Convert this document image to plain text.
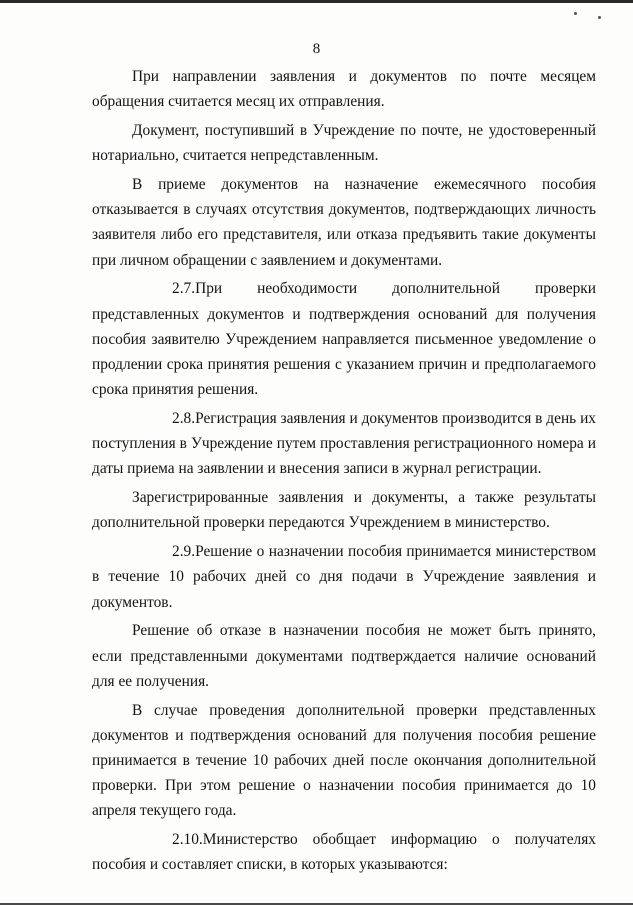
8

При направлении заявления и документов по почте месяцем обращения считается месяц их отправления.

Документ, поступивший в Учреждение по почте, не удостоверенный нотариально, считается непредставленным.

В приеме документов на назначение ежемесячного пособия отказывается в случаях отсутствия документов, подтверждающих личность заявителя либо его представителя, или отказа предъявить такие документы при личном обращении с заявлением и документами.

2.7.При необходимости дополнительной проверки представленных документов и подтверждения оснований для получения пособия заявителю Учреждением направляется письменное уведомление о продлении срока принятия решения с указанием причин и предполагаемого срока принятия решения.

2.8.Регистрация заявления и документов производится в день их поступления в Учреждение путем проставления регистрационного номера и даты приема на заявлении и внесения записи в журнал регистрации.

Зарегистрированные заявления и документы, а также результаты дополнительной проверки передаются Учреждением в министерство.

2.9.Решение о назначении пособия принимается министерством в течение 10 рабочих дней со дня подачи в Учреждение заявления и документов.

Решение об отказе в назначении пособия не может быть принято, если представленными документами подтверждается наличие оснований для ее получения.

В случае проведения дополнительной проверки представленных документов и подтверждения оснований для получения пособия решение принимается в течение 10 рабочих дней после окончания дополнительной проверки. При этом решение о назначении пособия принимается до 10 апреля текущего года.

2.10.Министерство обобщает информацию о получателях пособия и составляет списки, в которых указываются:
